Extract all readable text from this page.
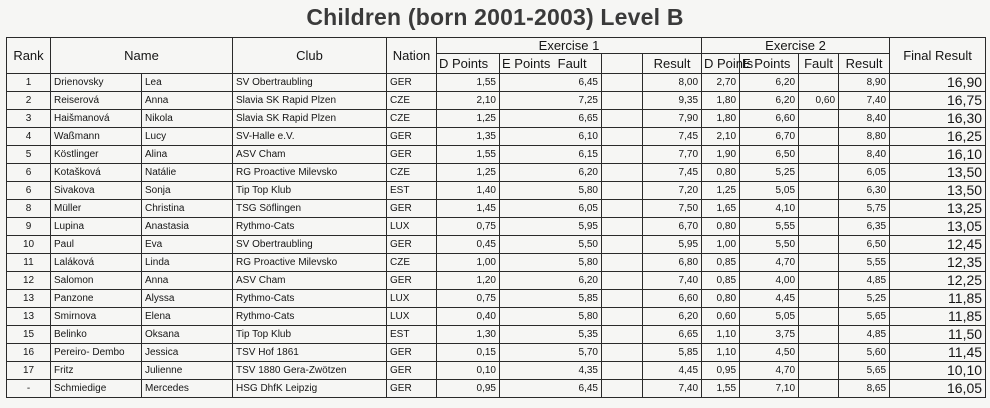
Children (born 2001-2003) Level B
Rank	Name		Club	Nation	Exercise 1				Exercise 2				Final Result
					D Points	E Points Fault		Result	D Points	E Points	Fault	Result	
1	Drienovsky	Lea	SV Obertraubling	GER	1,55	6,45		8,00	2,70	6,20		8,90	16,90
2	Reiserová	Anna	Slavia SK Rapid Plzen	CZE	2,10	7,25		9,35	1,80	6,20	0,60	7,40	16,75
3	Haišmanová	Nikola	Slavia SK Rapid Plzen	CZE	1,25	6,65		7,90	1,80	6,60		8,40	16,30
4	Waßmann	Lucy	SV-Halle e.V.	GER	1,35	6,10		7,45	2,10	6,70		8,80	16,25
5	Köstlinger	Alina	ASV Cham	GER	1,55	6,15		7,70	1,90	6,50		8,40	16,10
6	Kotašková	Natálie	RG Proactive Milevsko	CZE	1,25	6,20		7,45	0,80	5,25		6,05	13,50
6	Sivakova	Sonja	Tip Top Klub	EST	1,40	5,80		7,20	1,25	5,05		6,30	13,50
8	Müller	Christina	TSG Söflingen	GER	1,45	6,05		7,50	1,65	4,10		5,75	13,25
9	Lupina	Anastasia	Rythmo-Cats	LUX	0,75	5,95		6,70	0,80	5,55		6,35	13,05
10	Paul	Eva	SV Obertraubling	GER	0,45	5,50		5,95	1,00	5,50		6,50	12,45
11	Laláková	Linda	RG Proactive Milevsko	CZE	1,00	5,80		6,80	0,85	4,70		5,55	12,35
12	Salomon	Anna	ASV Cham	GER	1,20	6,20		7,40	0,85	4,00		4,85	12,25
13	Panzone	Alyssa	Rythmo-Cats	LUX	0,75	5,85		6,60	0,80	4,45		5,25	11,85
13	Smirnova	Elena	Rythmo-Cats	LUX	0,40	5,80		6,20	0,60	5,05		5,65	11,85
15	Belinko	Oksana	Tip Top Klub	EST	1,30	5,35		6,65	1,10	3,75		4,85	11,50
16	Pereiro- Dembo	Jessica	TSV Hof 1861	GER	0,15	5,70		5,85	1,10	4,50		5,60	11,45
17	Fritz	Julienne	TSV 1880 Gera-Zwötzen	GER	0,10	4,35		4,45	0,95	4,70		5,65	10,10
-	Schmiedige	Mercedes	HSG DhfK Leipzig	GER	0,95	6,45		7,40	1,55	7,10		8,65	16,05
